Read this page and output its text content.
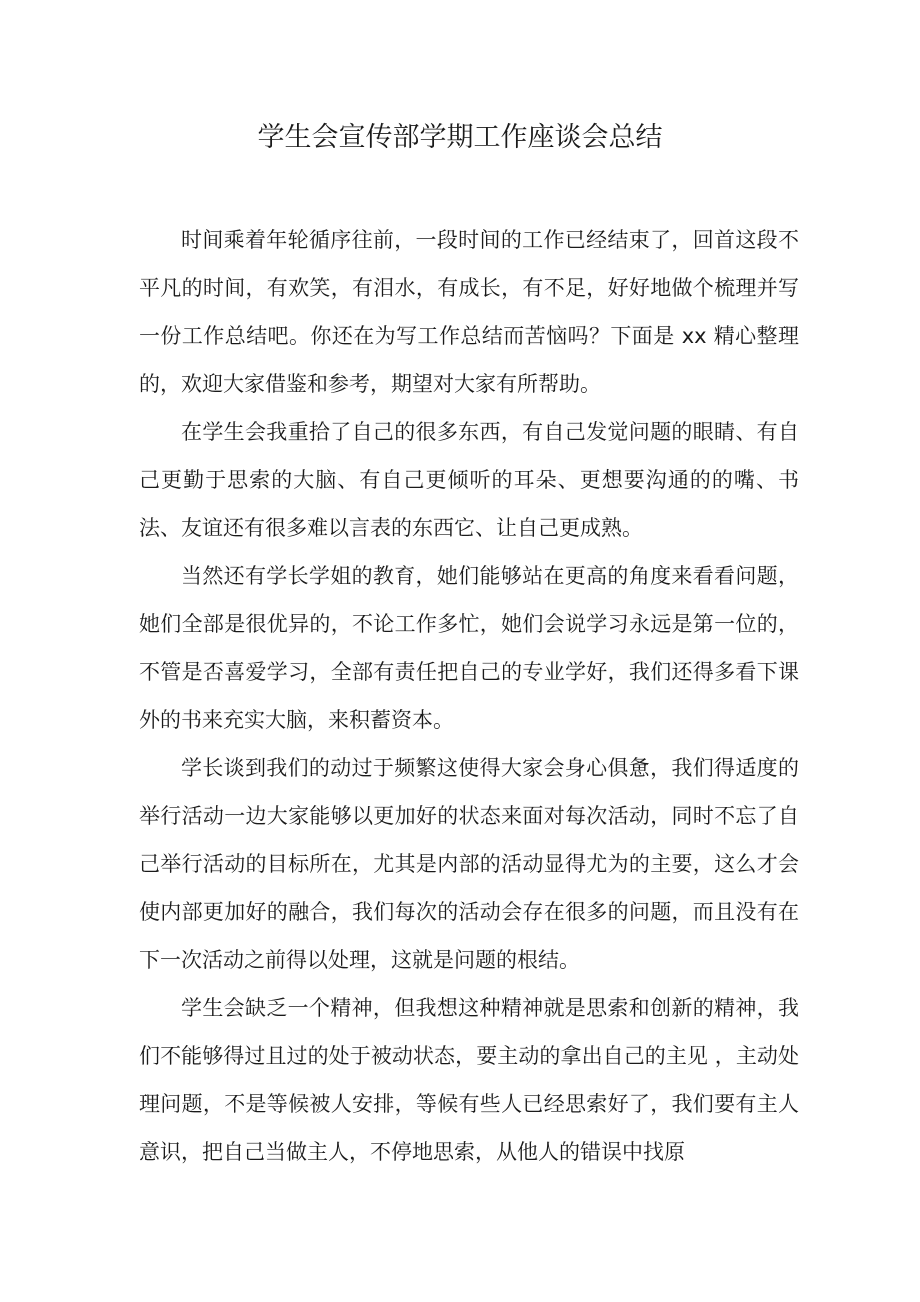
学生会宣传部学期工作座谈会总结

时间乘着年轮循序往前，一段时间的工作已经结束了，回首这段不平凡的时间，有欢笑，有泪水，有成长，有不足，好好地做个梳理并写一份工作总结吧。你还在为写工作总结而苦恼吗？下面是 xx 精心整理的，欢迎大家借鉴和参考，期望对大家有所帮助。

在学生会我重拾了自己的很多东西，有自己发觉问题的眼睛、有自己更勤于思索的大脑、有自己更倾听的耳朵、更想要沟通的的嘴、书法、友谊还有很多难以言表的东西它、让自己更成熟。

当然还有学长学姐的教育，她们能够站在更高的角度来看看问题，她们全部是很优异的，不论工作多忙，她们会说学习永远是第一位的，不管是否喜爱学习，全部有责任把自己的专业学好，我们还得多看下课外的书来充实大脑，来积蓄资本。

学长谈到我们的动过于频繁这使得大家会身心俱惫，我们得适度的举行活动一边大家能够以更加好的状态来面对每次活动，同时不忘了自己举行活动的目标所在，尤其是内部的活动显得尤为的主要，这么才会使内部更加好的融合，我们每次的活动会存在很多的问题，而且没有在下一次活动之前得以处理，这就是问题的根结。

学生会缺乏一个精神，但我想这种精神就是思索和创新的精神，我们不能够得过且过的处于被动状态，要主动的拿出自己的主见 ，主动处理问题，不是等候被人安排，等候有些人已经思索好了，我们要有主人意识，把自己当做主人，不停地思索，从他人的错误中找原
